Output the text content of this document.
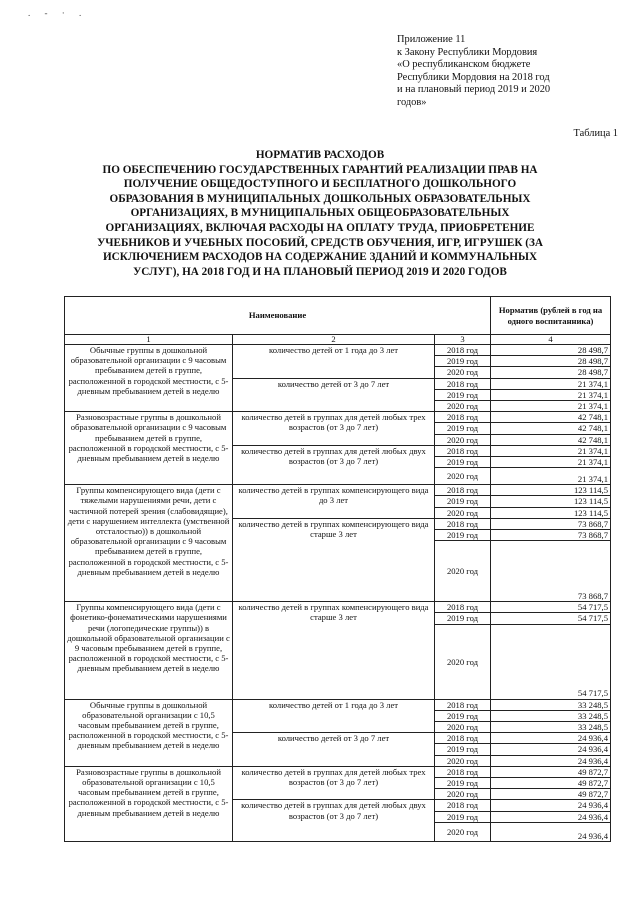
. - · .
Приложение 11
к Закону Республики Мордовия
«О республиканском бюджете
Республики Мордовия на 2018 год
и на плановый период 2019 и 2020
годов»
Таблица 1
НОРМАТИВ РАСХОДОВ
ПО ОБЕСПЕЧЕНИЮ ГОСУДАРСТВЕННЫХ ГАРАНТИЙ РЕАЛИЗАЦИИ ПРАВ НА
ПОЛУЧЕНИЕ ОБЩЕДОСТУПНОГО И БЕСПЛАТНОГО ДОШКОЛЬНОГО
ОБРАЗОВАНИЯ В МУНИЦИПАЛЬНЫХ ДОШКОЛЬНЫХ ОБРАЗОВАТЕЛЬНЫХ
ОРГАНИЗАЦИЯХ, В МУНИЦИПАЛЬНЫХ ОБЩЕОБРАЗОВАТЕЛЬНЫХ
ОРГАНИЗАЦИЯХ, ВКЛЮЧАЯ РАСХОДЫ НА ОПЛАТУ ТРУДА, ПРИОБРЕТЕНИЕ
УЧЕБНИКОВ И УЧЕБНЫХ ПОСОБИЙ, СРЕДСТВ ОБУЧЕНИЯ, ИГР, ИГРУШЕК (ЗА
ИСКЛЮЧЕНИЕМ РАСХОДОВ НА СОДЕРЖАНИЕ ЗДАНИЙ И КОММУНАЛЬНЫХ
УСЛУГ), НА 2018 ГОД И НА ПЛАНОВЫЙ ПЕРИОД 2019 И 2020 ГОДОВ
Наименование			Норматив (рублей в год на одного воспитанника)
1	2	3	4
Обычные группы в дошкольной образовательной организации с 9 часовым пребыванием детей в группе, расположенной в городской местности, с 5-дневным пребыванием детей в неделю	количество детей от 1 года до 3 лет	2018 год	28 498,7
		2019 год	28 498,7
		2020 год	28 498,7
	количество детей от 3 до 7 лет	2018 год	21 374,1
		2019 год	21 374,1
		2020 год	21 374,1
Разновозрастные группы в дошкольной образовательной организации с 9 часовым пребыванием детей в группе, расположенной в городской местности, с 5-дневным пребыванием детей в неделю	количество детей в группах для детей любых трех возрастов (от 3 до 7 лет)	2018 год	42 748,1
		2019 год	42 748,1
		2020 год	42 748,1
	количество детей в группах для детей любых двух возрастов (от 3 до 7 лет)	2018 год	21 374,1
		2019 год	21 374,1
		2020 год	21 374,1
Группы компенсирующего вида (дети с тяжелыми нарушениями речи, дети с частичной потерей зрения (слабовидящие), дети с нарушением интеллекта (умственной отсталостью)) в дошкольной образовательной организации с 9 часовым пребыванием детей в группе, расположенной в городской местности, с 5-дневным пребыванием детей в неделю	количество детей в группах компенсирующего вида до 3 лет	2018 год	123 114,5
		2019 год	123 114,5
		2020 год	123 114,5
	количество детей в группах компенсирующего вида старше 3 лет	2018 год	73 868,7
		2019 год	73 868,7
		2020 год	73 868,7
Группы компенсирующего вида (дети с фонетико-фонематическими нарушениями речи (логопедические группы)) в дошкольной образовательной организации с 9 часовым пребыванием детей в группе, расположенной в городской местности, с 5-дневным пребыванием детей в неделю	количество детей в группах компенсирующего вида старше 3 лет	2018 год	54 717,5
		2019 год	54 717,5
		2020 год	54 717,5
Обычные группы в дошкольной образовательной организации с 10,5 часовым пребыванием детей в группе, расположенной в городской местности, с 5-дневным пребыванием детей в неделю	количество детей от 1 года до 3 лет	2018 год	33 248,5
		2019 год	33 248,5
		2020 год	33 248,5
	количество детей от 3 до 7 лет	2018 год	24 936,4
		2019 год	24 936,4
		2020 год	24 936,4
Разновозрастные группы в дошкольной образовательной организации с 10,5 часовым пребыванием детей в группе, расположенной в городской местности, с 5-дневным пребыванием детей в неделю	количество детей в группах для детей любых трех возрастов (от 3 до 7 лет)	2018 год	49 872,7
		2019 год	49 872,7
		2020 год	49 872,7
	количество детей в группах для детей любых двух возрастов (от 3 до 7 лет)	2018 год	24 936,4
		2019 год	24 936,4
		2020 год	24 936,4
